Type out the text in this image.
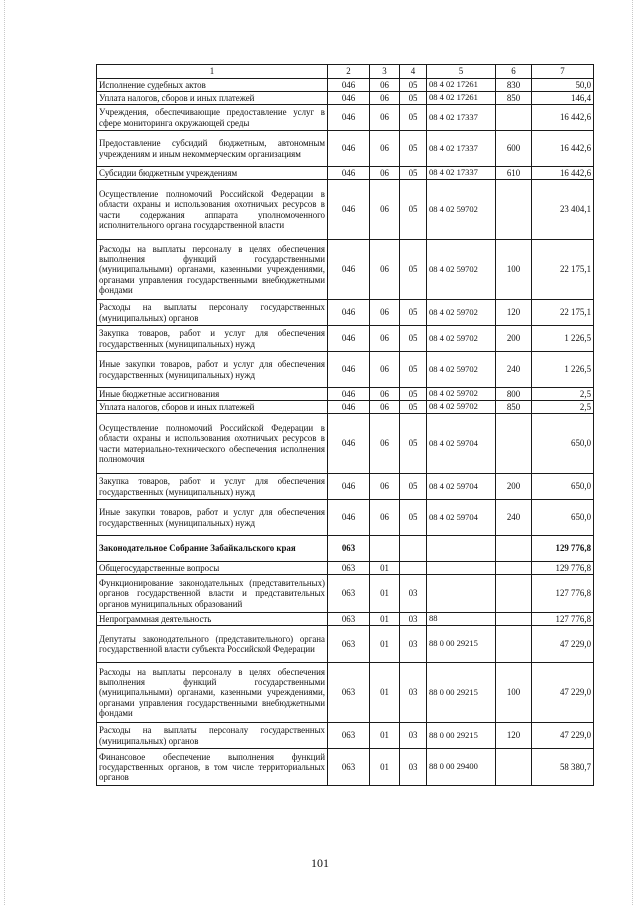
1	2	3	4	5	6	7
Исполнение судебных актов	046	06	05	08 4 02 17261	830	50,0
Уплата налогов, сборов и иных платежей	046	06	05	08 4 02 17261	850	146,4
Учреждения, обеспечивающие предоставление услуг в сфере мониторинга окружающей среды	046	06	05	08 4 02 17337		16 442,6
Предоставление субсидий бюджетным, автономным учреждениям и иным некоммерческим организациям	046	06	05	08 4 02 17337	600	16 442,6
Субсидии бюджетным учреждениям	046	06	05	08 4 02 17337	610	16 442,6
Осуществление полномочий Российской Федерации в области охраны и использования охотничьих ресурсов в части содержания аппарата уполномоченного исполнительного органа государственной власти	046	06	05	08 4 02 59702		23 404,1
Расходы на выплаты персоналу в целях обеспечения выполнения функций государственными (муниципальными) органами, казенными учреждениями, органами управления государственными внебюджетными фондами	046	06	05	08 4 02 59702	100	22 175,1
Расходы на выплаты персоналу государственных (муниципальных) органов	046	06	05	08 4 02 59702	120	22 175,1
Закупка товаров, работ и услуг для обеспечения государственных (муниципальных) нужд	046	06	05	08 4 02 59702	200	1 226,5
Иные закупки товаров, работ и услуг для обеспечения государственных (муниципальных) нужд	046	06	05	08 4 02 59702	240	1 226,5
Иные бюджетные ассигнования	046	06	05	08 4 02 59702	800	2,5
Уплата налогов, сборов и иных платежей	046	06	05	08 4 02 59702	850	2,5
Осуществление полномочий Российской Федерации в области охраны и использования охотничьих ресурсов в части материально-технического обеспечения исполнения полномочия	046	06	05	08 4 02 59704		650,0
Закупка товаров, работ и услуг для обеспечения государственных (муниципальных) нужд	046	06	05	08 4 02 59704	200	650,0
Иные закупки товаров, работ и услуг для обеспечения государственных (муниципальных) нужд	046	06	05	08 4 02 59704	240	650,0
Законодательное Собрание Забайкальского края	063					129 776,8
Общегосударственные вопросы	063	01				129 776,8
Функционирование законодательных (представительных) органов государственной власти и представительных органов муниципальных образований	063	01	03			127 776,8
Непрограммная деятельность	063	01	03	88		127 776,8
Депутаты законодательного (представительного) органа государственной власти субъекта Российской Федерации	063	01	03	88 0 00 29215		47 229,0
Расходы на выплаты персоналу в целях обеспечения выполнения функций государственными (муниципальными) органами, казенными учреждениями, органами управления государственными внебюджетными фондами	063	01	03	88 0 00 29215	100	47 229,0
Расходы на выплаты персоналу государственных (муниципальных) органов	063	01	03	88 0 00 29215	120	47 229,0
Финансовое обеспечение выполнения функций государственных органов, в том числе территориальных органов	063	01	03	88 0 00 29400		58 380,7
101
